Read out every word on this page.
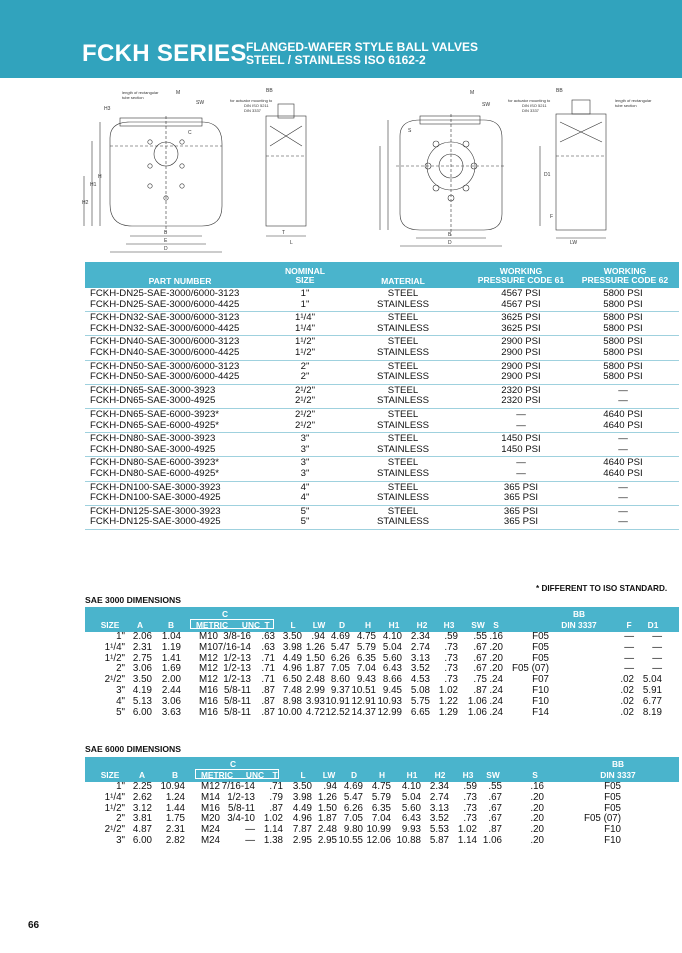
FCKH SERIES FLANGED-WAFER STYLE BALL VALVES
STEEL / STAINLESS ISO 6162-2
length of rectangular
tube section
for actuator mounting to
DIN ISO 5211
DIN 3337
for actuator mounting to
DIN ISO 5211
DIN 3337
length of rectangular
tube section
BB	BB
H3
H
H1
H2
M
SW
C
B
E
D
T
L
M
SW
S
B
D
D1
F
LW
PART NUMBER
NOMINAL
SIZE	MATERIAL
WORKING
PRESSURE CODE 61
WORKING
PRESSURE CODE 62
FCKH-DN25-SAE-3000/6000-3123	1"	STEEL	4567 PSI	5800 PSI
FCKH-DN25-SAE-3000/6000-4425	1"	STAINLESS	4567 PSI	5800 PSI
FCKH-DN32-SAE-3000/6000-3123	1¹/4"	STEEL	3625 PSI	5800 PSI
FCKH-DN32-SAE-3000/6000-4425	1¹/4"	STAINLESS	3625 PSI	5800 PSI
FCKH-DN40-SAE-3000/6000-3123	1¹/2"	STEEL	2900 PSI	5800 PSI
FCKH-DN40-SAE-3000/6000-4425	1¹/2"	STAINLESS	2900 PSI	5800 PSI
FCKH-DN50-SAE-3000/6000-3123	2"	STEEL	2900 PSI	5800 PSI
FCKH-DN50-SAE-3000/6000-4425	2"	STAINLESS	2900 PSI	5800 PSI
FCKH-DN65-SAE-3000-3923	2¹/2"	STEEL	2320 PSI	—
FCKH-DN65-SAE-3000-4925	2¹/2"	STAINLESS	2320 PSI	—
FCKH-DN65-SAE-6000-3923*	2¹/2"	STEEL	—	4640 PSI
FCKH-DN65-SAE-6000-4925*	2¹/2"	STAINLESS	—	4640 PSI
FCKH-DN80-SAE-3000-3923	3"	STEEL	1450 PSI	—
FCKH-DN80-SAE-3000-4925	3"	STAINLESS	1450 PSI	—
FCKH-DN80-SAE-6000-3923*	3"	STEEL	—	4640 PSI
FCKH-DN80-SAE-6000-4925*	3"	STAINLESS	—	4640 PSI
FCKH-DN100-SAE-3000-3923	4"	STEEL	365 PSI	—
FCKH-DN100-SAE-3000-4925	4"	STAINLESS	365 PSI	—
FCKH-DN125-SAE-3000-3923	5"	STEEL	365 PSI	—
FCKH-DN125-SAE-3000-4925	5"	STAINLESS	365 PSI	—
* DIFFERENT TO ISO STANDARD.
SAE 3000 DIMENSIONS
SIZE	A	B
C
METRIC	UNC T	L	LW	D	H	H1	H2	H3	SW	S
BB
DIN 3337	F	D1
1" 2.06 1.04 M10 3/8-16 .63 3.50 .94 4.69 4.75 4.10 2.34 .59 .55 .16	F05	— —
1¹/4" 2.31 1.19 M10 7/16-14 .63 3.98 1.26 5.47 5.79 5.04 2.74 .73 .67 .20	F05	— —
1¹/2" 2.75 1.41 M12 1/2-13 .71 4.49 1.50 6.26 6.35 5.60 3.13 .73 .67 .20	F05	— —
2" 3.06 1.69 M12 1/2-13 .71 4.96 1.87 7.05 7.04 6.43 3.52 .73 .67 .20 F05 (07)	— —
2¹/2" 3.50 2.00 M12 1/2-13 .71 6.50 2.48 8.60 9.43 8.66 4.53 .73 .75 .24	F07	.02 5.04
3" 4.19 2.44 M16 5/8-11 .87 7.48 2.99 9.37 10.51 9.45 5.08 1.02 .87 .24	F10	.02 5.91
4" 5.13 3.06 M16 5/8-11 .87 8.98 3.93 10.91 12.91 10.93 5.75 1.22 1.06 .24	F10	.02 6.77
5" 6.00 3.63 M16 5/8-11 .87 10.00 4.72 12.52 14.37 12.99 6.65 1.29 1.06 .24	F14	.02 8.19
SAE 6000 DIMENSIONS
SIZE	A	B
C
METRIC	UNC T	L	LW	D	H	H1	H2	H3	SW	S
BB
DIN 3337
1" 2.25 10.94 M12 7/16-14 .71 3.50 .94 4.69 4.75 4.10 2.34 .59 .55	.16	F05
1¹/4" 2.62 1.24 M14 1/2-13 .79 3.98 1.26 5.47 5.79 5.04 2.74 .73 .67	.20	F05
1¹/2" 3.12 1.44 M16 5/8-11 .87 4.49 1.50 6.26 6.35 5.60 3.13 .73 .67	.20	F05
2" 3.81 1.75 M20 3/4-10 1.02 4.96 1.87 7.05 7.04 6.43 3.52 .73 .67	.20	F05 (07)
2¹/2" 4.87 2.31 M24	— 1.14 7.87 2.48 9.80 10.99 9.93 5.53 1.02 .87	.20	F10
3" 6.00 2.82 M24	— 1.38 2.95 2.95 10.55 12.06 10.88 5.87 1.14 1.06	.20	F10
66
